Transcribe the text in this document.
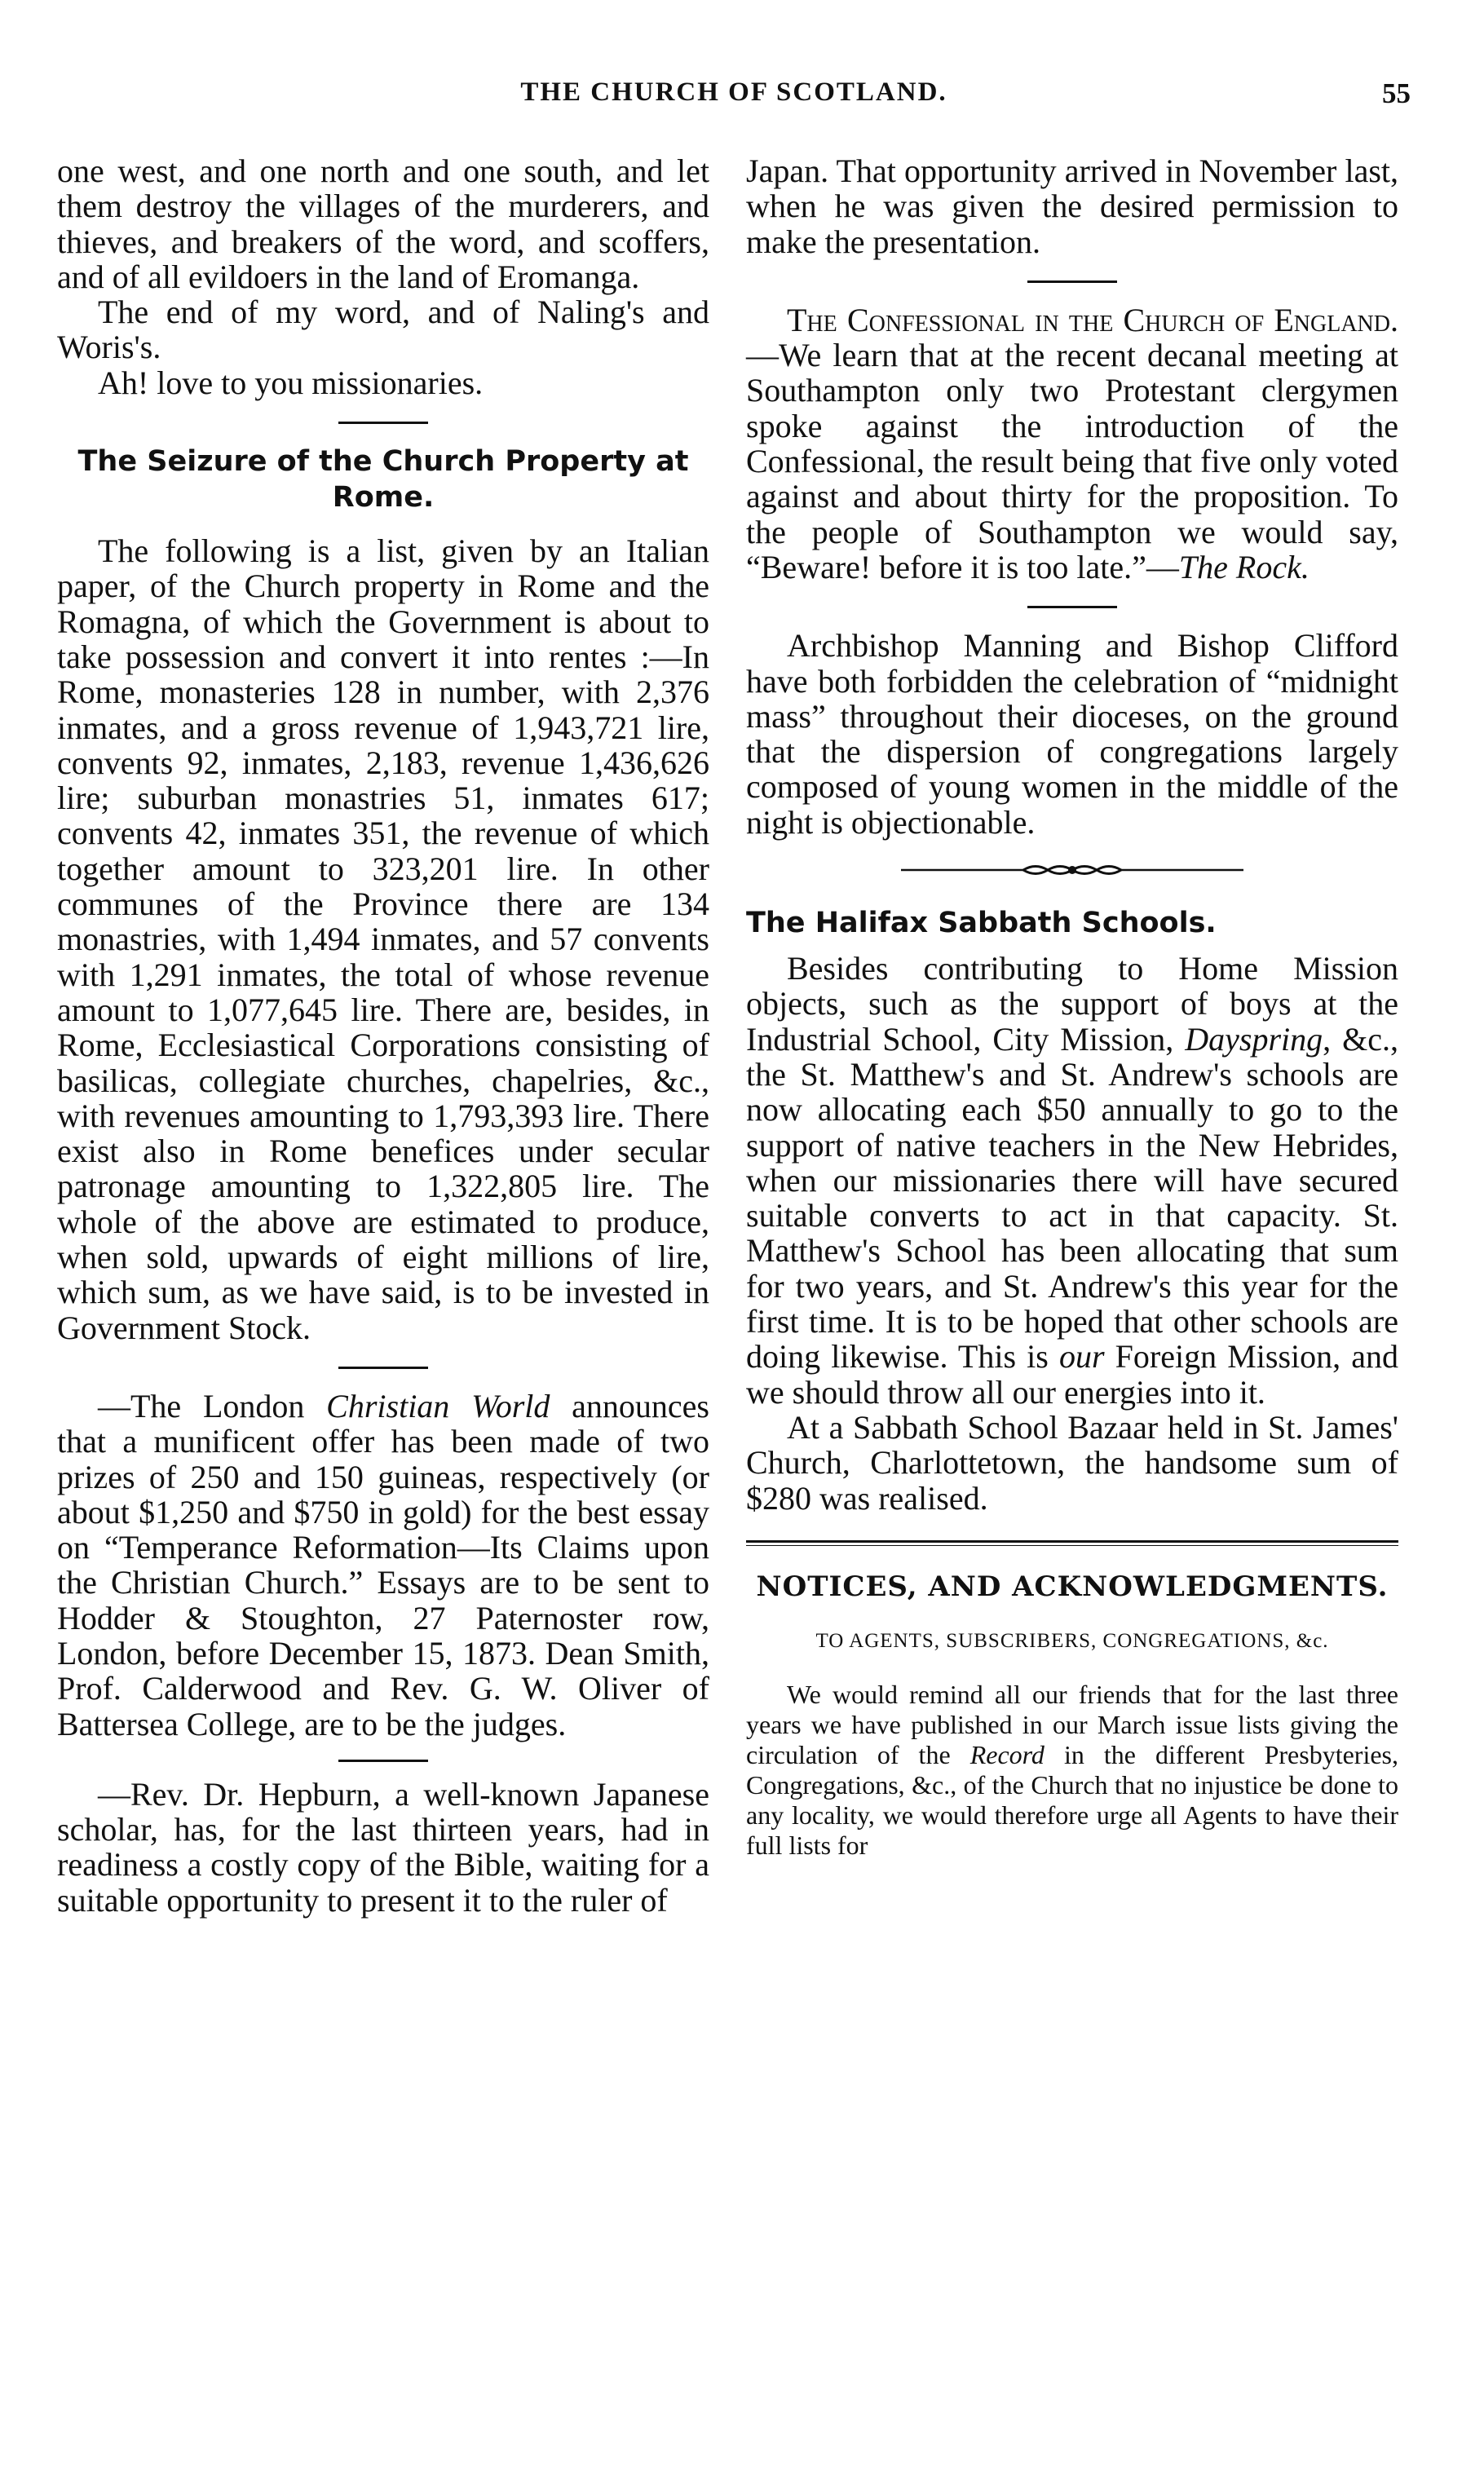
THE CHURCH OF SCOTLAND.	55

one west, and one north and one south, and let them destroy the villages of the murderers, and thieves, and breakers of the word, and scoffers, and of all evildoers in the land of Eromanga.

The end of my word, and of Naling's and Woris's.

Ah! love to you missionaries.

The Seizure of the Church Property at Rome.

The following is a list, given by an Italian paper, of the Church property in Rome and the Romagna, of which the Government is about to take possession and convert it into rentes :—In Rome, monasteries 128 in number, with 2,376 inmates, and a gross revenue of 1,943,721 lire, convents 92, inmates, 2,183, revenue 1,436,626 lire; suburban monastries 51, inmates 617; convents 42, inmates 351, the revenue of which together amount to 323,201 lire. In other communes of the Province there are 134 monastries, with 1,494 inmates, and 57 convents with 1,291 inmates, the total of whose revenue amount to 1,077,645 lire. There are, besides, in Rome, Ecclesiastical Corporations consisting of basilicas, collegiate churches, chapelries, &c., with revenues amounting to 1,793,393 lire. There exist also in Rome benefices under secular patronage amounting to 1,322,805 lire. The whole of the above are estimated to produce, when sold, upwards of eight millions of lire, which sum, as we have said, is to be invested in Government Stock.

—The London Christian World announces that a munificent offer has been made of two prizes of 250 and 150 guineas, respectively (or about $1,250 and $750 in gold) for the best essay on “Temperance Reformation—Its Claims upon the Christian Church.” Essays are to be sent to Hodder & Stoughton, 27 Paternoster row, London, before December 15, 1873. Dean Smith, Prof. Calderwood and Rev. G. W. Oliver of Battersea College, are to be the judges.

—Rev. Dr. Hepburn, a well-known Japanese scholar, has, for the last thirteen years, had in readiness a costly copy of the Bible, waiting for a suitable opportunity to present it to the ruler of

Japan. That opportunity arrived in November last, when he was given the desired permission to make the presentation.

The Confessional in the Church of England.—We learn that at the recent decanal meeting at Southampton only two Protestant clergymen spoke against the introduction of the Confessional, the result being that five only voted against and about thirty for the proposition. To the people of Southampton we would say, “Beware! before it is too late.”—The Rock.

Archbishop Manning and Bishop Clifford have both forbidden the celebration of “midnight mass” throughout their dioceses, on the ground that the dispersion of congregations largely composed of young women in the middle of the night is objectionable.

The Halifax Sabbath Schools.

Besides contributing to Home Mission objects, such as the support of boys at the Industrial School, City Mission, Dayspring, &c., the St. Matthew's and St. Andrew's schools are now allocating each $50 annually to go to the support of native teachers in the New Hebrides, when our missionaries there will have secured suitable converts to act in that capacity. St. Matthew's School has been allocating that sum for two years, and St. Andrew's this year for the first time. It is to be hoped that other schools are doing likewise. This is our Foreign Mission, and we should throw all our energies into it.

At a Sabbath School Bazaar held in St. James' Church, Charlottetown, the handsome sum of $280 was realised.

NOTICES, AND ACKNOWLEDGMENTS.
TO AGENTS, SUBSCRIBERS, CONGREGATIONS, &c.

We would remind all our friends that for the last three years we have published in our March issue lists giving the circulation of the Record in the different Presbyteries, Congregations, &c., of the Church that no injustice be done to any locality, we would therefore urge all Agents to have their full lists for
